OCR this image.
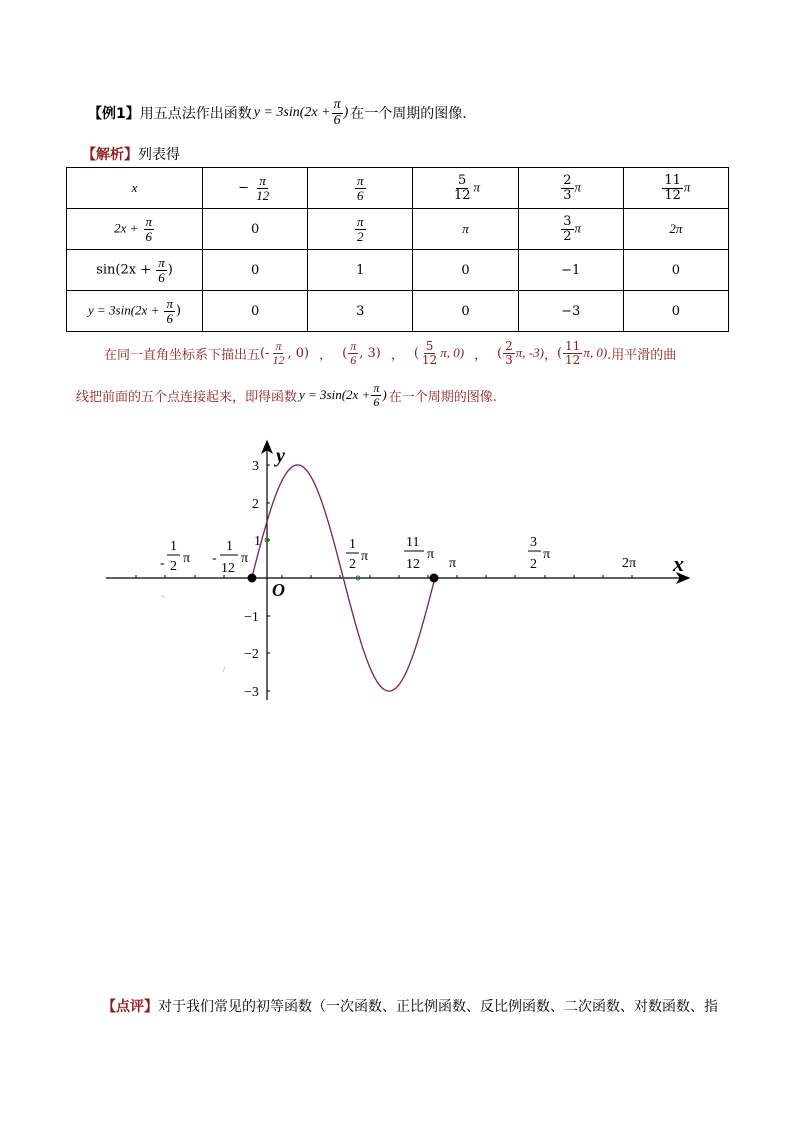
【例1】 用五点法作出函数 $y = 3\sin(2x + \frac{\pi}{6}$ ) 在一个周期的图像.
【解析】列表得
x	− $\frac{\pi}{12}$	$\frac{\pi}{6}$	$\frac{5}{12}$ π	$\frac{2}{3}$ π	$\frac{11}{12}$ π
$2x + \frac{\pi}{6}$	0	$\frac{\pi}{2}$	π	$\frac{3}{2}$ π	2π
$\sin(2x + \frac{\pi}{6}$ )	0	1	0	−1	0
$y = 3\sin(2x + \frac{\pi}{6}$ )	0	3	0	−3	0
在同一直角坐标系下描出五 (- $\frac{\pi}{12}$ , 0) ， ( $\frac{\pi}{6}$ , 3) ， ( $\frac{5}{12} \pi$, 0) ， ( $\frac{2}{3} \pi$, -3) ， ( $\frac{11}{12} \pi$, 0) .用平滑的曲
线把前面的五个点连接起来，即得函数 $y = 3\sin(2x + \frac{\pi}{6}$ ) 在一个周期的图像.
3
2
1
−1
−2
−3
y
x
O
-
1
2
π -
1
12
π
1
2
π
11
12
π
π
3
2
π
2π
【点评】对于我们常见的初等函数（一次函数、正比例函数、反比例函数、二次函数、对数函数、指
